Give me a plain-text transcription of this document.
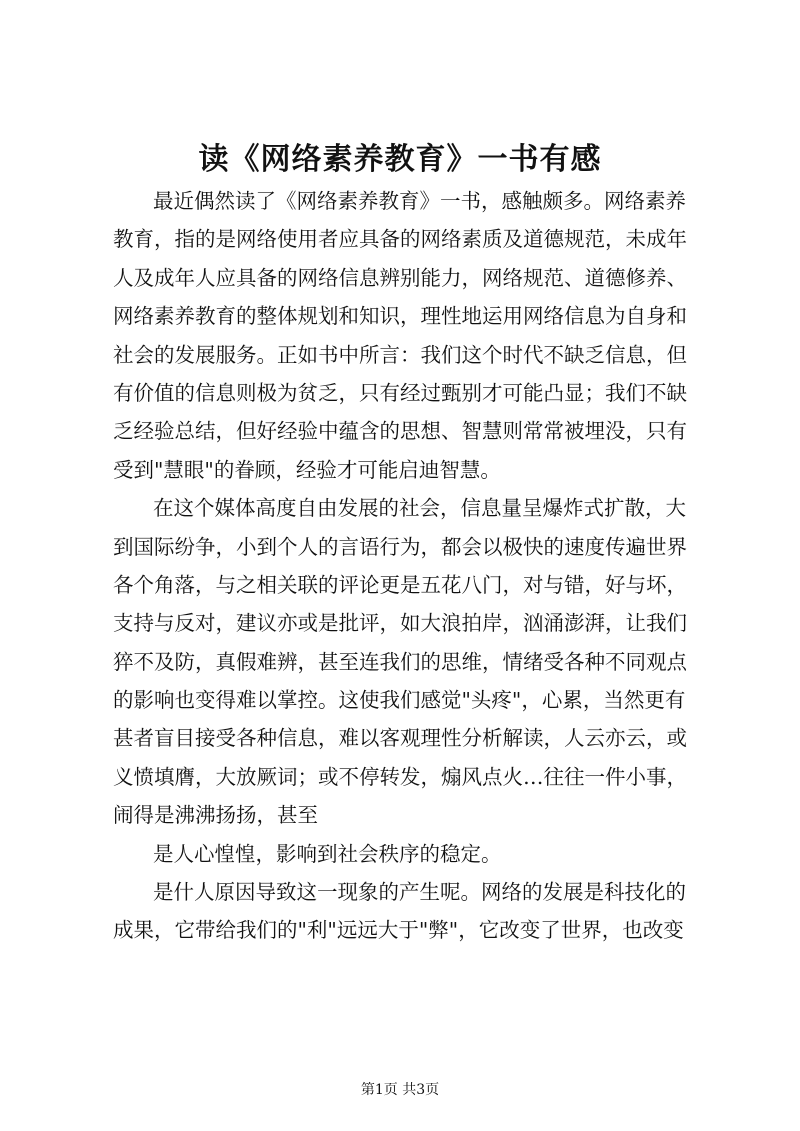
读《网络素养教育》一书有感
最近偶然读了《网络素养教育》一书，感触颇多。网络素养
教育，指的是网络使用者应具备的网络素质及道德规范，未成年
人及成年人应具备的网络信息辨别能力，网络规范、道德修养、
网络素养教育的整体规划和知识，理性地运用网络信息为自身和
社会的发展服务。正如书中所言：我们这个时代不缺乏信息，但
有价值的信息则极为贫乏，只有经过甄别才可能凸显；我们不缺
乏经验总结，但好经验中蕴含的思想、智慧则常常被埋没，只有
受到"慧眼"的眷顾，经验才可能启迪智慧。
在这个媒体高度自由发展的社会，信息量呈爆炸式扩散，大
到国际纷争，小到个人的言语行为，都会以极快的速度传遍世界
各个角落，与之相关联的评论更是五花八门，对与错，好与坏，
支持与反对，建议亦或是批评，如大浪拍岸，汹涌澎湃，让我们
猝不及防，真假难辨，甚至连我们的思维，情绪受各种不同观点
的影响也变得难以掌控。这使我们感觉"头疼"，心累，当然更有
甚者盲目接受各种信息，难以客观理性分析解读，人云亦云，或
义愤填膺，大放厥词；或不停转发，煽风点火…往往一件小事，
闹得是沸沸扬扬，甚至
是人心惶惶，影响到社会秩序的稳定。
是什人原因导致这一现象的产生呢。网络的发展是科技化的
成果，它带给我们的"利"远远大于"弊"，它改变了世界，也改变
第1页 共3页
